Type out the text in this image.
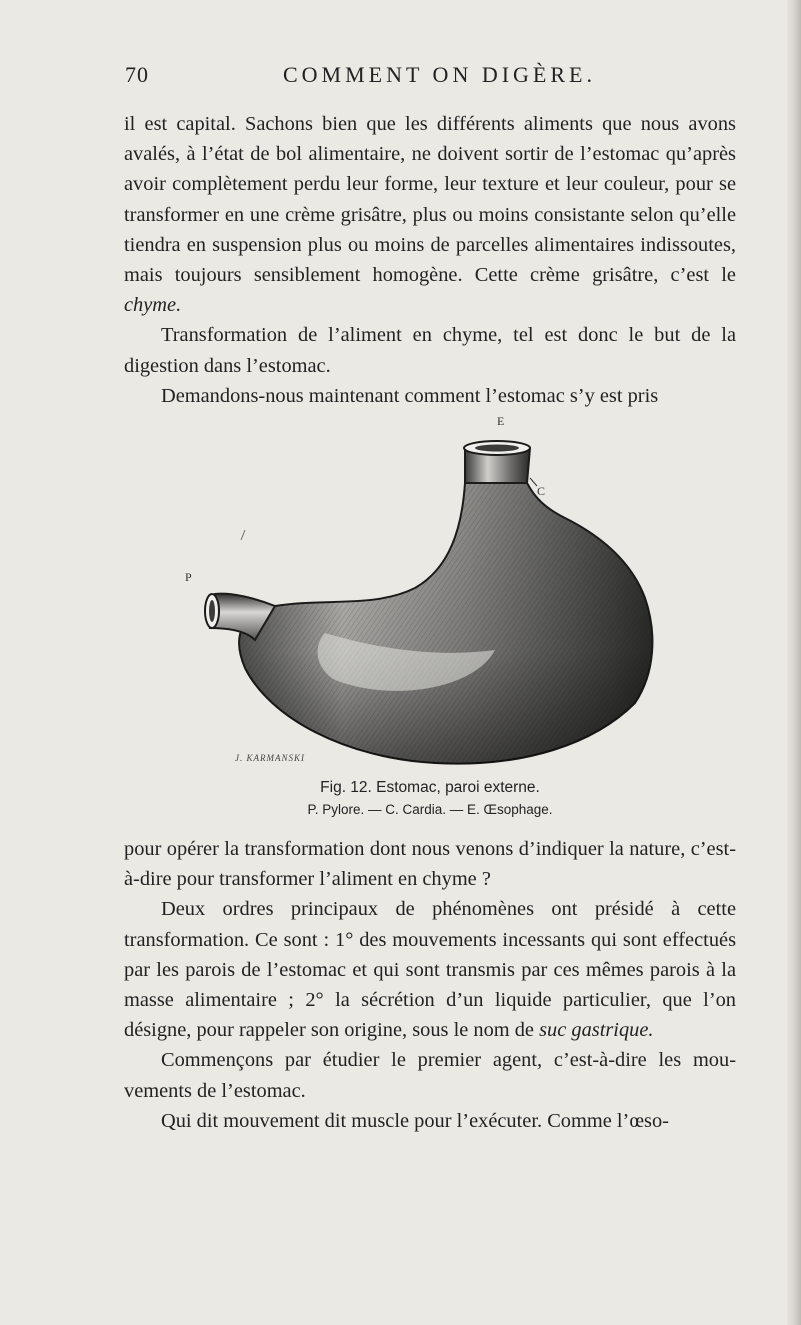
70	COMMENT ON DIGÈRE.

il est capital. Sachons bien que les différents aliments que nous avons avalés, à l’état de bol alimentaire, ne doivent sortir de l’estomac qu’après avoir complètement perdu leur forme, leur texture et leur couleur, pour se transformer en une crème grisâtre, plus ou moins consistante selon qu’elle tiendra en suspension plus ou moins de parcelles alimentaires indissoutes, mais toujours sensiblement homogène. Cette crème grisâtre, c’est le chyme.

Transformation de l’aliment en chyme, tel est donc le but de la digestion dans l’estomac.

Demandons-nous maintenant comment l’estomac s’y est pris

E
C
P
J. KARMANSKI
Fig. 12. Estomac, paroi externe.
P. Pylore. — C. Cardia. — E. Œsophage.

pour opérer la transformation dont nous venons d’indiquer la nature, c’est-à-dire pour transformer l’aliment en chyme ?

Deux ordres principaux de phénomènes ont présidé à cette transformation. Ce sont : 1° des mouvements incessants qui sont effectués par les parois de l’estomac et qui sont transmis par ces mêmes parois à la masse alimentaire ; 2° la sécrétion d’un liquide particulier, que l’on désigne, pour rappeler son origine, sous le nom de suc gastrique.

Commençons par étudier le premier agent, c’est-à-dire les mouvements de l’estomac.

Qui dit mouvement dit muscle pour l’exécuter. Comme l’œso-
